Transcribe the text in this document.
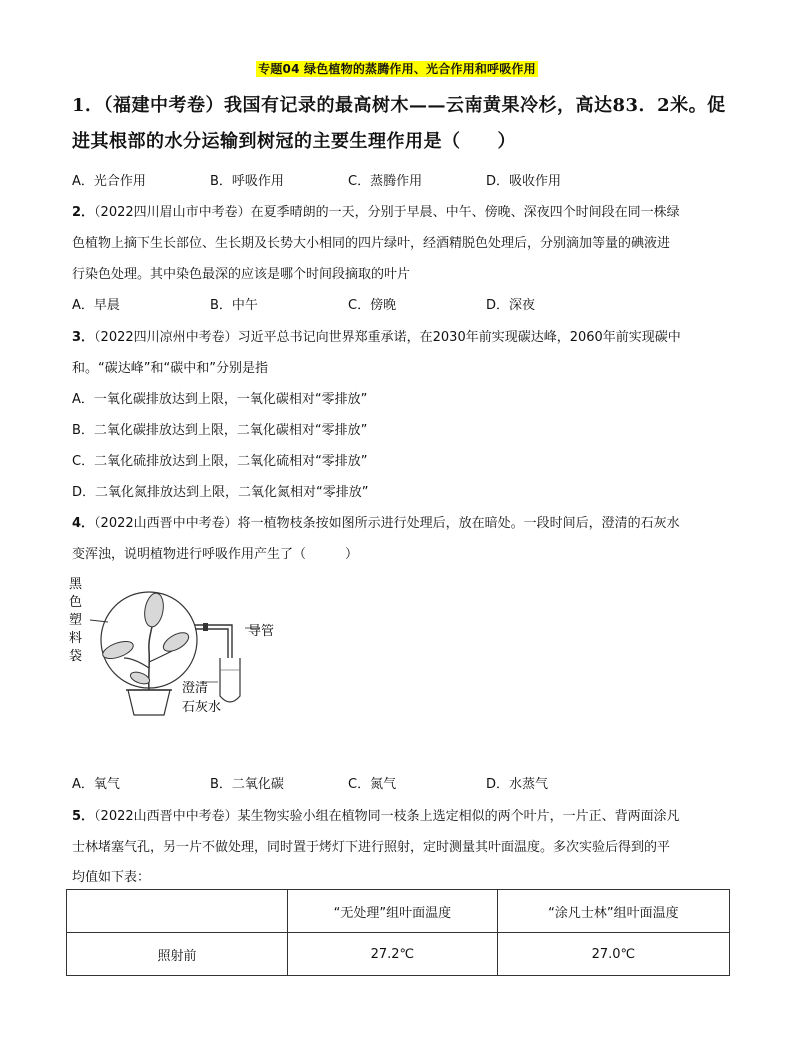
专题04 绿色植物的蒸腾作用、光合作用和呼吸作用
1．（福建中考卷）我国有记录的最高树木——云南黄果冷杉，高达83．2米。促进其根部的水分运输到树冠的主要生理作用是（　　）
A．光合作用	B．呼吸作用	C．蒸腾作用	D．吸收作用
2．（2022四川眉山市中考卷）在夏季晴朗的一天，分别于早晨、中午、傍晚、深夜四个时间段在同一株绿
色植物上摘下生长部位、生长期及长势大小相同的四片绿叶，经酒精脱色处理后，分别滴加等量的碘液进
行染色处理。其中染色最深的应该是哪个时间段摘取的叶片
A．早晨	B．中午	C．傍晚	D．深夜
3．（2022四川凉州中考卷）习近平总书记向世界郑重承诺，在2030年前实现碳达峰，2060年前实现碳中
和。“碳达峰”和“碳中和”分别是指
A．一氧化碳排放达到上限，一氧化碳相对“零排放”
B．二氧化碳排放达到上限，二氧化碳相对“零排放”
C．二氧化硫排放达到上限，二氧化硫相对“零排放”
D．二氧化氮排放达到上限，二氧化氮相对“零排放”
4．（2022山西晋中中考卷）将一植物枝条按如图所示进行处理后，放在暗处。一段时间后，澄清的石灰水
变浑浊，说明植物进行呼吸作用产生了（　　　）
黑
色
塑
料
袋
导管
澄清
石灰水
A．氧气	B．二氧化碳	C．氮气	D．水蒸气
5．（2022山西晋中中考卷）某生物实验小组在植物同一枝条上选定相似的两个叶片，一片正、背两面涂凡
士林堵塞气孔，另一片不做处理，同时置于烤灯下进行照射，定时测量其叶面温度。多次实验后得到的平
均值如下表：
	“无处理”组叶面温度	“涂凡士林”组叶面温度
照射前	27.2℃	27.0℃
